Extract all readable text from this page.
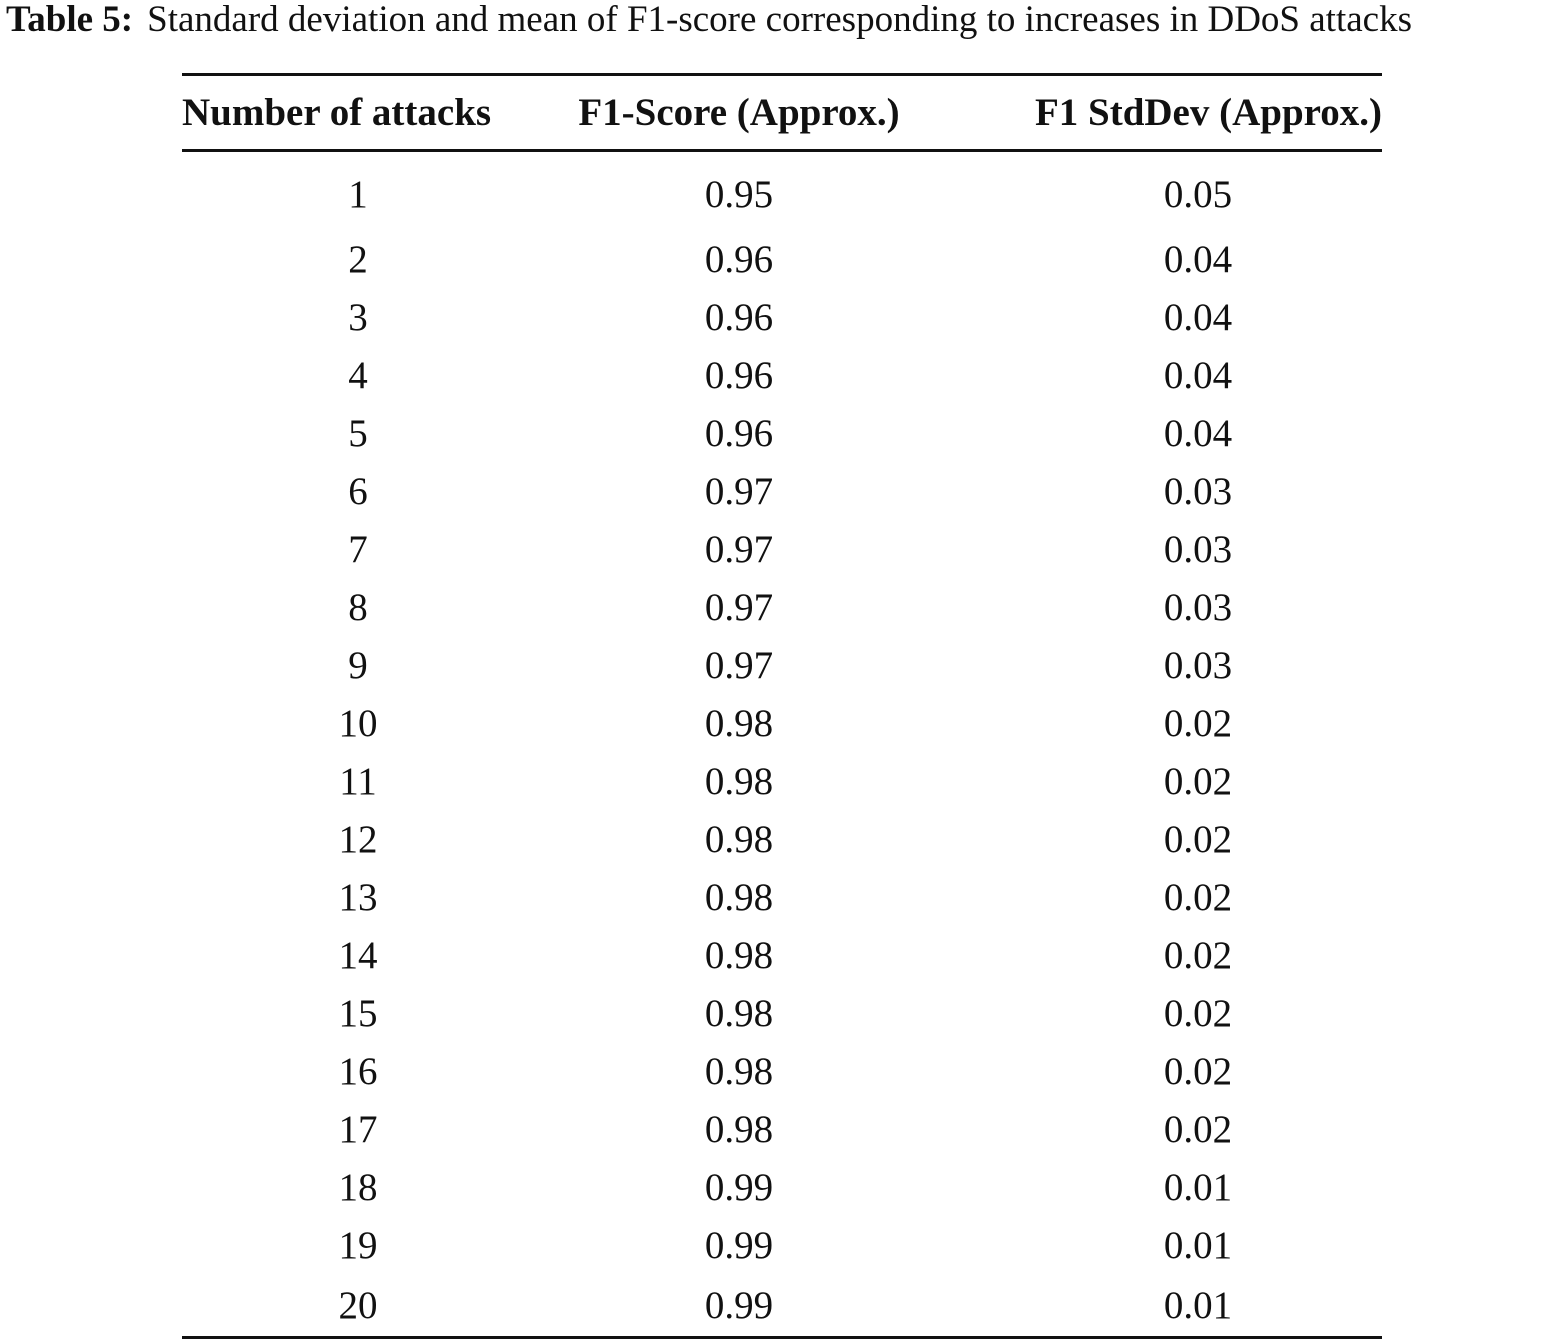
Table 5: Standard deviation and mean of F1-score corresponding to increases in DDoS attacks
Number of attacks	F1-Score (Approx.)	F1 StdDev (Approx.)
1	0.95	0.05
2	0.96	0.04
3	0.96	0.04
4	0.96	0.04
5	0.96	0.04
6	0.97	0.03
7	0.97	0.03
8	0.97	0.03
9	0.97	0.03
10	0.98	0.02
11	0.98	0.02
12	0.98	0.02
13	0.98	0.02
14	0.98	0.02
15	0.98	0.02
16	0.98	0.02
17	0.98	0.02
18	0.99	0.01
19	0.99	0.01
20	0.99	0.01
